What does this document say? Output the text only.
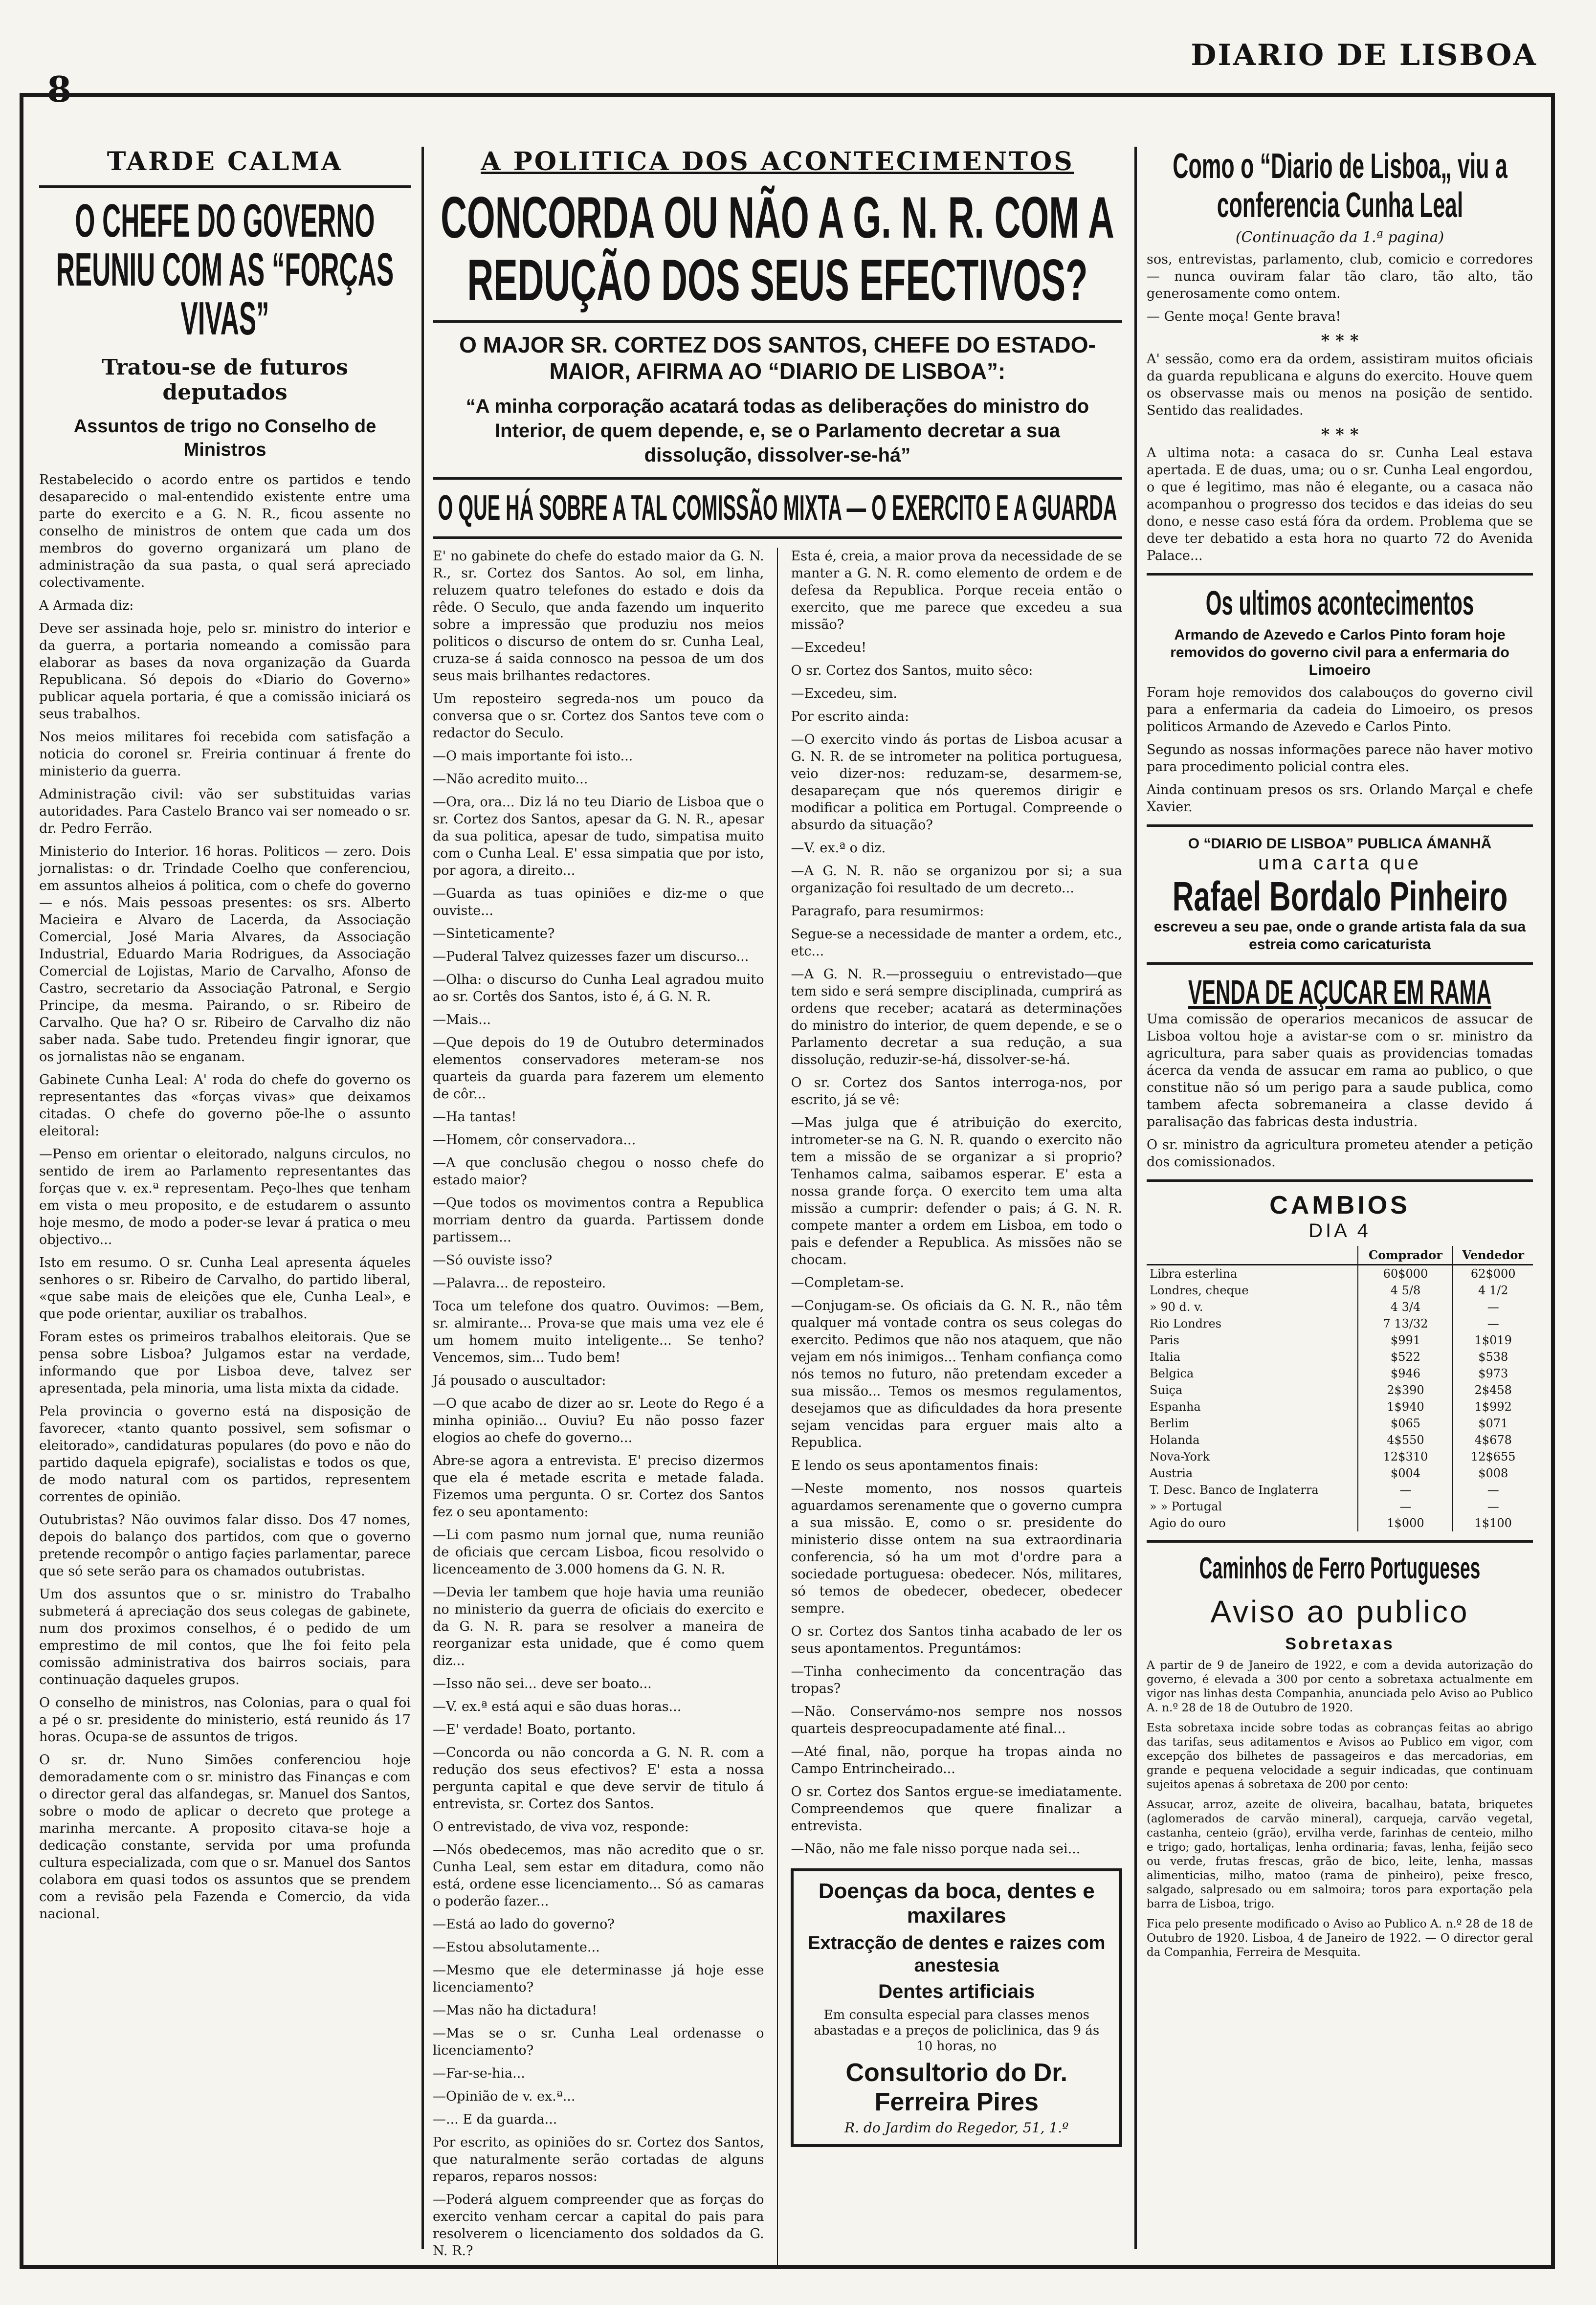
8
DIARIO DE LISBOA
TARDE CALMA
O CHEFE DO GOVERNO REUNIU COM AS “FORÇAS VIVAS”
Tratou-se de futuros deputados
Assuntos de trigo no Conselho de Ministros

Restabelecido o acordo entre os partidos e tendo desaparecido o mal-entendido existente entre uma parte do exercito e a G. N. R., ficou assente no conselho de ministros de ontem que cada um dos membros do governo organizará um plano de administração da sua pasta, o qual será apreciado colectivamente.

A Armada diz:

Deve ser assinada hoje, pelo sr. ministro do interior e da guerra, a portaria nomeando a comissão para elaborar as bases da nova organização da Guarda Republicana. Só depois do «Diario do Governo» publicar aquela portaria, é que a comissão iniciará os seus trabalhos.

Nos meios militares foi recebida com satisfação a noticia do coronel sr. Freiria continuar á frente do ministerio da guerra.

Administração civil: vão ser substituidas varias autoridades. Para Castelo Branco vai ser nomeado o sr. dr. Pedro Ferrão.

Ministerio do Interior. 16 horas. Politicos — zero. Dois jornalistas: o dr. Trindade Coelho que conferenciou, em assuntos alheios á politica, com o chefe do governo — e nós. Mais pessoas presentes: os srs. Alberto Macieira e Alvaro de Lacerda, da Associação Comercial, José Maria Alvares, da Associação Industrial, Eduardo Maria Rodrigues, da Associação Comercial de Lojistas, Mario de Carvalho, Afonso de Castro, secretario da Associação Patronal, e Sergio Principe, da mesma. Pairando, o sr. Ribeiro de Carvalho. Que ha? O sr. Ribeiro de Carvalho diz não saber nada. Sabe tudo. Pretendeu fingir ignorar, que os jornalistas não se enganam.

Gabinete Cunha Leal: A' roda do chefe do governo os representantes das «forças vivas» que deixamos citadas. O chefe do governo põe-lhe o assunto eleitoral:

—Penso em orientar o eleitorado, nalguns circulos, no sentido de irem ao Parlamento representantes das forças que v. ex.ª representam. Peço-lhes que tenham em vista o meu proposito, e de estudarem o assunto hoje mesmo, de modo a poder-se levar á pratica o meu objectivo...

Isto em resumo. O sr. Cunha Leal apresenta áqueles senhores o sr. Ribeiro de Carvalho, do partido liberal, «que sabe mais de eleições que ele, Cunha Leal», e que pode orientar, auxiliar os trabalhos.

Foram estes os primeiros trabalhos eleitorais. Que se pensa sobre Lisboa? Julgamos estar na verdade, informando que por Lisboa deve, talvez ser apresentada, pela minoria, uma lista mixta da cidade.

Pela provincia o governo está na disposição de favorecer, «tanto quanto possivel, sem sofismar o eleitorado», candidaturas populares (do povo e não do partido daquela epigrafe), socialistas e todos os que, de modo natural com os partidos, representem correntes de opinião.

Outubristas? Não ouvimos falar disso. Dos 47 nomes, depois do balanço dos partidos, com que o governo pretende recompôr o antigo façies parlamentar, parece que só sete serão para os chamados outubristas.

Um dos assuntos que o sr. ministro do Trabalho submeterá á apreciação dos seus colegas de gabinete, num dos proximos conselhos, é o pedido de um emprestimo de mil contos, que lhe foi feito pela comissão administrativa dos bairros sociais, para continuação daqueles grupos.

O conselho de ministros, nas Colonias, para o qual foi a pé o sr. presidente do ministerio, está reunido ás 17 horas. Ocupa-se de assuntos de trigos.

O sr. dr. Nuno Simões conferenciou hoje demoradamente com o sr. ministro das Finanças e com o director geral das alfandegas, sr. Manuel dos Santos, sobre o modo de aplicar o decreto que protege a marinha mercante. A proposito citava-se hoje a dedicação constante, servida por uma profunda cultura especializada, com que o sr. Manuel dos Santos colabora em quasi todos os assuntos que se prendem com a revisão pela Fazenda e Comercio, da vida nacional.

A POLITICA DOS ACONTECIMENTOS
CONCORDA OU NÃO A G. N. R. COM A REDUÇÃO DOS SEUS EFECTIVOS?
O MAJOR SR. CORTEZ DOS SANTOS, CHEFE DO ESTADO-MAIOR, AFIRMA AO “DIARIO DE LISBOA”:
“A minha corporação acatará todas as deliberações do ministro do Interior, de quem depende, e, se o Parlamento decretar a sua dissolução, dissolver-se-há”
O QUE HÁ SOBRE A TAL COMISSÃO MIXTA — O EXERCITO E A GUARDA

E' no gabinete do chefe do estado maior da G. N. R., sr. Cortez dos Santos. Ao sol, em linha, reluzem quatro telefones do estado e dois da rêde. O Seculo, que anda fazendo um inquerito sobre a impressão que produziu nos meios politicos o discurso de ontem do sr. Cunha Leal, cruza-se á saida connosco na pessoa de um dos seus mais brilhantes redactores.

Um reposteiro segreda-nos um pouco da conversa que o sr. Cortez dos Santos teve com o redactor do Seculo.

—O mais importante foi isto...

—Não acredito muito...

—Ora, ora... Diz lá no teu Diario de Lisboa que o sr. Cortez dos Santos, apesar da G. N. R., apesar da sua politica, apesar de tudo, simpatisa muito com o Cunha Leal. E' essa simpatia que por isto, por agora, a direito...

—Guarda as tuas opiniões e diz-me o que ouviste...

—Sinteticamente?

—Puderal Talvez quizesses fazer um discurso...

—Olha: o discurso do Cunha Leal agradou muito ao sr. Cortês dos Santos, isto é, á G. N. R.

—Mais...

—Que depois do 19 de Outubro determinados elementos conservadores meteram-se nos quarteis da guarda para fazerem um elemento de côr...

—Ha tantas!

—Homem, côr conservadora...

—A que conclusão chegou o nosso chefe do estado maior?

—Que todos os movimentos contra a Republica morriam dentro da guarda. Partissem donde partissem...

—Só ouviste isso?

—Palavra... de reposteiro.

Toca um telefone dos quatro. Ouvimos: —Bem, sr. almirante... Prova-se que mais uma vez ele é um homem muito inteligente... Se tenho? Vencemos, sim... Tudo bem!

Já pousado o auscultador:

—O que acabo de dizer ao sr. Leote do Rego é a minha opinião... Ouviu? Eu não posso fazer elogios ao chefe do governo...

Abre-se agora a entrevista. E' preciso dizermos que ela é metade escrita e metade falada. Fizemos uma pergunta. O sr. Cortez dos Santos fez o seu apontamento:

—Li com pasmo num jornal que, numa reunião de oficiais que cercam Lisboa, ficou resolvido o licenceamento de 3.000 homens da G. N. R.

—Devia ler tambem que hoje havia uma reunião no ministerio da guerra de oficiais do exercito e da G. N. R. para se resolver a maneira de reorganizar esta unidade, que é como quem diz...

—Isso não sei... deve ser boato...

—V. ex.ª está aqui e são duas horas...

—E' verdade! Boato, portanto.

—Concorda ou não concorda a G. N. R. com a redução dos seus efectivos? E' esta a nossa pergunta capital e que deve servir de titulo á entrevista, sr. Cortez dos Santos.

O entrevistado, de viva voz, responde:

—Nós obedecemos, mas não acredito que o sr. Cunha Leal, sem estar em ditadura, como não está, ordene esse licenciamento... Só as camaras o poderão fazer...

—Está ao lado do governo?

—Estou absolutamente...

—Mesmo que ele determinasse já hoje esse licenciamento?

—Mas não ha dictadura!

—Mas se o sr. Cunha Leal ordenasse o licenciamento?

—Far-se-hia...

—Opinião de v. ex.ª...

—... E da guarda...

Por escrito, as opiniões do sr. Cortez dos Santos, que naturalmente serão cortadas de alguns reparos, reparos nossos:

—Poderá alguem compreender que as forças do exercito venham cercar a capital do pais para resolverem o licenciamento dos soldados da G. N. R.?

Esta é, creia, a maior prova da necessidade de se manter a G. N. R. como elemento de ordem e de defesa da Republica. Porque receia então o exercito, que me parece que excedeu a sua missão?

—Excedeu!

O sr. Cortez dos Santos, muito sêco:

—Excedeu, sim.

Por escrito ainda:

—O exercito vindo ás portas de Lisboa acusar a G. N. R. de se intrometer na politica portuguesa, veio dizer-nos: reduzam-se, desarmem-se, desapareçam que nós queremos dirigir e modificar a politica em Portugal. Compreende o absurdo da situação?

—V. ex.ª o diz.

—A G. N. R. não se organizou por si; a sua organização foi resultado de um decreto...

Paragrafo, para resumirmos:

Segue-se a necessidade de manter a ordem, etc., etc...

—A G. N. R.—prosseguiu o entrevistado—que tem sido e será sempre disciplinada, cumprirá as ordens que receber; acatará as determinações do ministro do interior, de quem depende, e se o Parlamento decretar a sua redução, a sua dissolução, reduzir-se-há, dissolver-se-há.

O sr. Cortez dos Santos interroga-nos, por escrito, já se vê:

—Mas julga que é atribuição do exercito, intrometer-se na G. N. R. quando o exercito não tem a missão de se organizar a si proprio? Tenhamos calma, saibamos esperar. E' esta a nossa grande força. O exercito tem uma alta missão a cumprir: defender o pais; á G. N. R. compete manter a ordem em Lisboa, em todo o pais e defender a Republica. As missões não se chocam.

—Completam-se.

—Conjugam-se. Os oficiais da G. N. R., não têm qualquer má vontade contra os seus colegas do exercito. Pedimos que não nos ataquem, que não vejam em nós inimigos... Tenham confiança como nós temos no futuro, não pretendam exceder a sua missão... Temos os mesmos regulamentos, desejamos que as dificuldades da hora presente sejam vencidas para erguer mais alto a Republica.

E lendo os seus apontamentos finais:

—Neste momento, nos nossos quarteis aguardamos serenamente que o governo cumpra a sua missão. E, como o sr. presidente do ministerio disse ontem na sua extraordinaria conferencia, só ha um mot d'ordre para a sociedade portuguesa: obedecer. Nós, militares, só temos de obedecer, obedecer, obedecer sempre.

O sr. Cortez dos Santos tinha acabado de ler os seus apontamentos. Preguntámos:

—Tinha conhecimento da concentração das tropas?

—Não. Conservámo-nos sempre nos nossos quarteis despreocupadamente até final...

—Até final, não, porque ha tropas ainda no Campo Entrincheirado...

O sr. Cortez dos Santos ergue-se imediatamente. Compreendemos que quere finalizar a entrevista.

—Não, não me fale nisso porque nada sei...

Doenças da boca, dentes e maxilares
Extracção de dentes e raizes com anestesia
Dentes artificiais
Em consulta especial para classes menos abastadas e a preços de policlinica, das 9 ás 10 horas, no
Consultorio do Dr. Ferreira Pires
R. do Jardim do Regedor, 51, 1.º
Como o “Diario de Lisboa„ viu a conferencia Cunha Leal
(Continuação da 1.ª pagina)

sos, entrevistas, parlamento, club, comicio e corredores — nunca ouviram falar tão claro, tão alto, tão generosamente como ontem.

— Gente moça! Gente brava!

* * *

A' sessão, como era da ordem, assistiram muitos oficiais da guarda republicana e alguns do exercito. Houve quem os observasse mais ou menos na posição de sentido. Sentido das realidades.

* * *

A ultima nota: a casaca do sr. Cunha Leal estava apertada. E de duas, uma; ou o sr. Cunha Leal engordou, o que é legitimo, mas não é elegante, ou a casaca não acompanhou o progresso dos tecidos e das ideias do seu dono, e nesse caso está fóra da ordem. Problema que se deve ter debatido a esta hora no quarto 72 do Avenida Palace...

Os ultimos acontecimentos
Armando de Azevedo e Carlos Pinto foram hoje removidos do governo civil para a enfermaria do Limoeiro

Foram hoje removidos dos calabouços do governo civil para a enfermaria da cadeia do Limoeiro, os presos politicos Armando de Azevedo e Carlos Pinto.

Segundo as nossas informações parece não haver motivo para procedimento policial contra eles.

Ainda continuam presos os srs. Orlando Marçal e chefe Xavier.

O “DIARIO DE LISBOA” PUBLICA ÁMANHÃ
uma carta que
Rafael Bordalo Pinheiro
escreveu a seu pae, onde o grande artista fala da sua estreia como caricaturista
VENDA DE AÇUCAR EM RAMA

Uma comissão de operarios mecanicos de assucar de Lisboa voltou hoje a avistar-se com o sr. ministro da agricultura, para saber quais as providencias tomadas ácerca da venda de assucar em rama ao publico, o que constitue não só um perigo para a saude publica, como tambem afecta sobremaneira a classe devido á paralisação das fabricas desta industria.

O sr. ministro da agricultura prometeu atender a petição dos comissionados.

CAMBIOS
DIA 4
	Comprador	Vendedor
Libra esterlina	60$000	62$000
Londres, cheque	4 5/8	4 1/2
» 90 d. v.	4 3/4	—
Rio Londres	7 13/32	—
Paris	$991	1$019
Italia	$522	$538
Belgica	$946	$973
Suiça	2$390	2$458
Espanha	1$940	1$992
Berlim	$065	$071
Holanda	4$550	4$678
Nova-York	12$310	12$655
Austria	$004	$008
T. Desc. Banco de Inglaterra	—	—
» » Portugal	—	—
Agio do ouro	1$000	1$100
Caminhos de Ferro Portugueses
Aviso ao publico
Sobretaxas

A partir de 9 de Janeiro de 1922, e com a devida autorização do governo, é elevada a 300 por cento a sobretaxa actualmente em vigor nas linhas desta Companhia, anunciada pelo Aviso ao Publico A. n.º 28 de 18 de Outubro de 1920.

Esta sobretaxa incide sobre todas as cobranças feitas ao abrigo das tarifas, seus aditamentos e Avisos ao Publico em vigor, com excepção dos bilhetes de passageiros e das mercadorias, em grande e pequena velocidade a seguir indicadas, que continuam sujeitos apenas á sobretaxa de 200 por cento:

Assucar, arroz, azeite de oliveira, bacalhau, batata, briquetes (aglomerados de carvão mineral), carqueja, carvão vegetal, castanha, centeio (grão), ervilha verde, farinhas de centeio, milho e trigo; gado, hortaliças, lenha ordinaria; favas, lenha, feijão seco ou verde, frutas frescas, grão de bico, leite, lenha, massas alimenticias, milho, matoo (rama de pinheiro), peixe fresco, salgado, salpresado ou em salmoira; toros para exportação pela barra de Lisboa, trigo.

Fica pelo presente modificado o Aviso ao Publico A. n.º 28 de 18 de Outubro de 1920. Lisboa, 4 de Janeiro de 1922. — O director geral da Companhia, Ferreira de Mesquita.
